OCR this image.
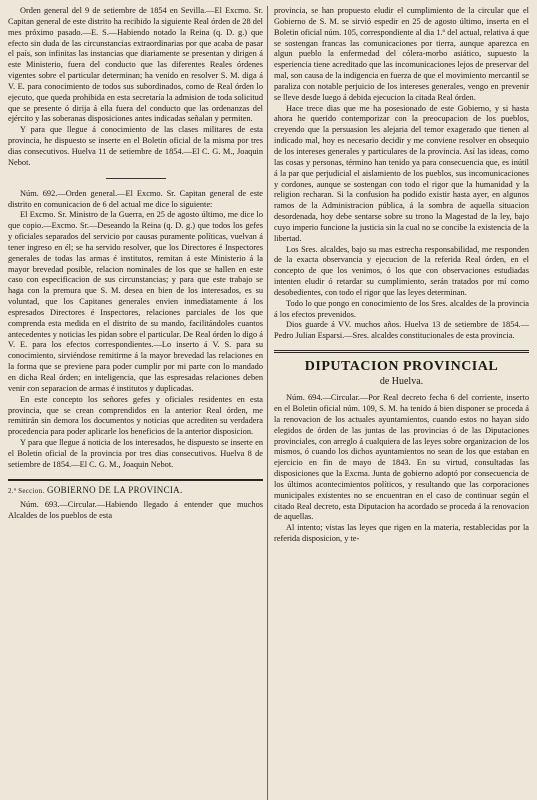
Orden general del 9 de setiembre de 1854 en Sevilla.—El Excmo. Sr. Capitan general de este distrito ha recibido la siguiente Real órden de 28 del mes próximo pasado.—E. S.—Habiendo notado la Reina (q. D. g.) que efecto sin duda de las circunstancias extraordinarias por que acaba de pasar el país, son infinitas las instancias que diariamente se presentan y dirigen á este Ministerio, fuera del conducto que las diferentes Reales órdenes vigentes sobre el particular determinan; ha venido en resolver S. M. diga á V. E. para conocimiento de todos sus subordinados, como de Real órden lo ejecuto, que queda prohibida en esta secretaría la admision de toda solicitud que se presente ó dirija á ella fuera del conducto que las ordenanzas del ejército y las soberanas disposiciones antes indicadas señalan y permiten.

Y para que llegue á conocimiento de las clases militares de esta provincia, he dispuesto se inserte en el Boletin oficial de la misma por tres dias consecutivos. Huelva 11 de setiembre de 1854.—El C. G. M., Joaquin Nebot.

Núm. 692.—Orden general.—El Excmo. Sr. Capitan general de este distrito en comunicacion de 6 del actual me dice lo siguiente:

El Excmo. Sr. Ministro de la Guerra, en 25 de agosto último, me dice lo que copio.—Excmo. Sr.—Deseando la Reina (q. D. g.) que todos los gefes y oficiales separados del servicio por causas puramente políticas, vuelvan á tener ingreso en él; se ha servido resolver, que los Directores é Inspectores generales de todas las armas é institutos, remitan á este Ministerio á la mayor brevedad posible, relacion nominales de los que se hallen en este caso con especificacion de sus circunstancias; y para que este trabajo se haga con la premura que S. M. desea en bien de los interesados, es su voluntad, que los Capitanes generales envien inmediatamente á los espresados Directores é Inspectores, relaciones parciales de los que comprenda esta medida en el distrito de su mando, facilitándoles cuantos antecedentes y noticias les pidan sobre el particular. De Real órden lo digo á V. E. para los efectos correspondientes.—Lo inserto á V. S. para su conocimiento, sirviéndose remitirme á la mayor brevedad las relaciones en la forma que se previene para poder cumplir por mi parte con lo mandado en dicha Real órden; en inteligencia, que las espresadas relaciones deben venir con separacion de armas é institutos y duplicadas.

En este concepto los señores gefes y oficiales residentes en esta provincia, que se crean comprendidos en la anterior Real órden, me remitirán sin demora los documentos y noticias que acrediten su verdadera procedencia para poder aplicarle los beneficios de la anterior disposicion.

Y para que llegue á noticia de los interesados, he dispuesto se inserte en el Boletin oficial de la provincia por tres dias consecutivos. Huelva 8 de setiembre de 1854.—El C. G. M., Joaquin Nebot.

2.ª Seccion. GOBIERNO DE LA PROVINCIA.

Núm. 693.—Circular.—Habiendo llegado á entender que muchos Alcaldes de los pueblos de esta

provincia, se han propuesto eludir el cumplimiento de la circular que el Gobierno de S. M. se sirvió espedir en 25 de agosto último, inserta en el Boletin oficial núm. 105, correspondiente al dia 1.º del actual, relativa á que se sostengan francas las comunicaciones por tierra, aunque aparezca en algun pueblo la enfermedad del cólera-morbo asiático, supuesto la esperiencia tiene acreditado que las incomunicaciones lejos de preservar del mal, son causa de la indigencia en fuerza de que el movimiento mercantil se paraliza con notable perjuicio de los intereses generales, vengo en prevenir se lleve desde luego á debida ejecucion la citada Real órden.

Hace trece dias que me ha posesionado de este Gobierno, y si hasta ahora he querido contemporizar con la preocupacion de los pueblos, creyendo que la persuasion les alejaria del temor exagerado que tienen al indicado mal, hoy es necesario decidir y me conviene resolver en obsequio de los intereses generales y particulares de la provincia. Así las ideas, como las cosas y personas, término han tenido ya para consecuencia que, es inútil á la par que perjudicial el aislamiento de los pueblos, sus incomunicaciones y cordones, aunque se sostengan con todo el rigor que la humanidad y la religion recharan. Si la confusion ha podido existir hasta ayer, en algunos ramos de la Administracion pública, á la sombra de aquella situacion desordenada, hoy debe sentarse sobre su trono la Magestad de la ley, bajo cuyo imperio funcione la justicia sin la cual no se concibe la existencia de la libertad.

Los Sres. alcaldes, bajo su mas estrecha responsabilidad, me responden de la exacta observancia y ejecucion de la referida Real órden, en el concepto de que los venimos, ó los que con observaciones estudiadas intenten eludir ó retardar su cumplimiento, serán tratados por mí como desobedientes, con todo el rigor que las leyes determinan.

Todo lo que pongo en conocimiento de los Sres. alcaldes de la provincia á los efectos prevenidos.

Dios guarde á VV. muchos años. Huelva 13 de setiembre de 1854.—Pedro Julian Esparsi.—Sres. alcaldes constitucionales de esta provincia.

DIPUTACION PROVINCIAL
de Huelva.

Núm. 694.—Circular.—Por Real decreto fecha 6 del corriente, inserto en el Boletin oficial núm. 109, S. M. ha tenido á bien disponer se proceda á la renovacion de los actuales ayuntamientos, cuando estos no hayan sido elegidos de órden de las juntas de las provincias ó de las Diputaciones provinciales, con arreglo á cualquiera de las leyes sobre organizacion de los mismos, ó cuando los dichos ayuntamientos no sean de los que estaban en ejercicio en fin de mayo de 1843. En su virtud, consultadas las disposiciones que la Excma. Junta de gobierno adoptó por consecuencia de los últimos acontecimientos políticos, y resultando que las corporaciones municipales existentes no se encuentran en el caso de continuar según el citado Real decreto, esta Diputacion ha acordado se proceda á la renovacion de aquellas.

Al intento; vistas las leyes que rigen en la materia, restablecidas por la referida disposicion, y te-
